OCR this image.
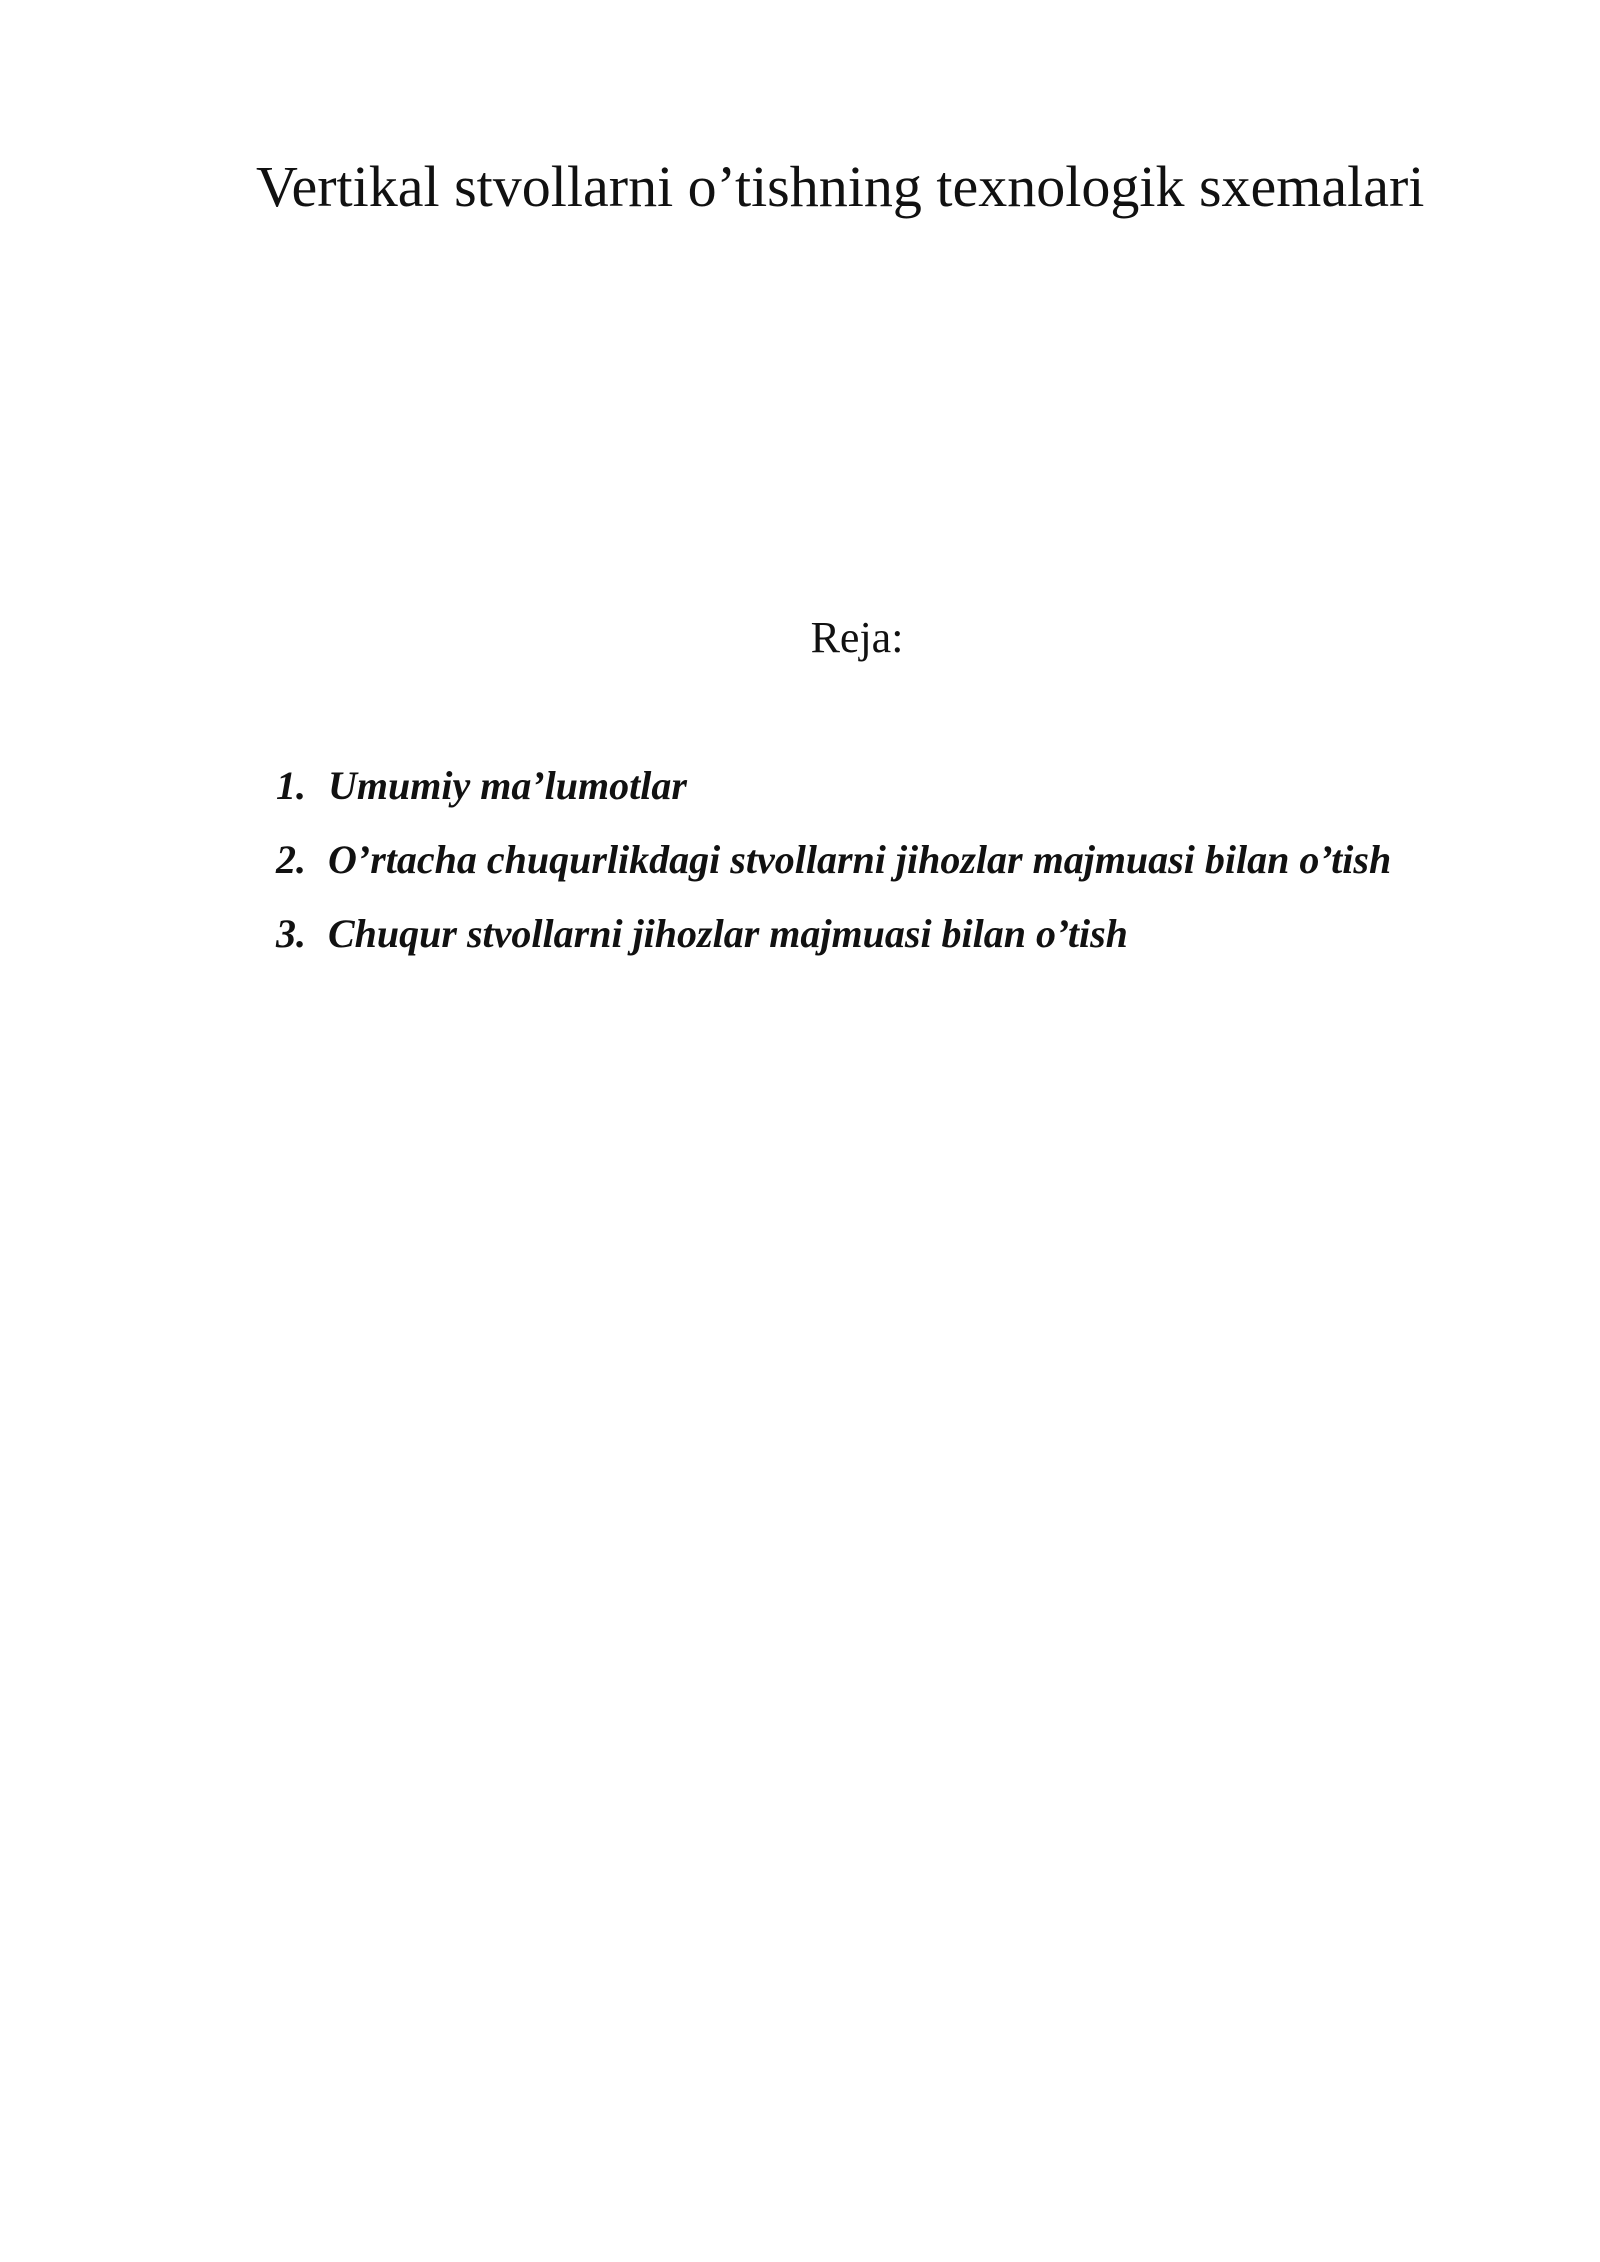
Vertikal stvollarni o’tishning texnologik sxemalari
Reja:
1. Umumiy ma’lumotlar
2. O’rtacha chuqurlikdagi stvollarni jihozlar majmuasi bilan o’tish
3. Chuqur stvollarni jihozlar majmuasi bilan o’tish
